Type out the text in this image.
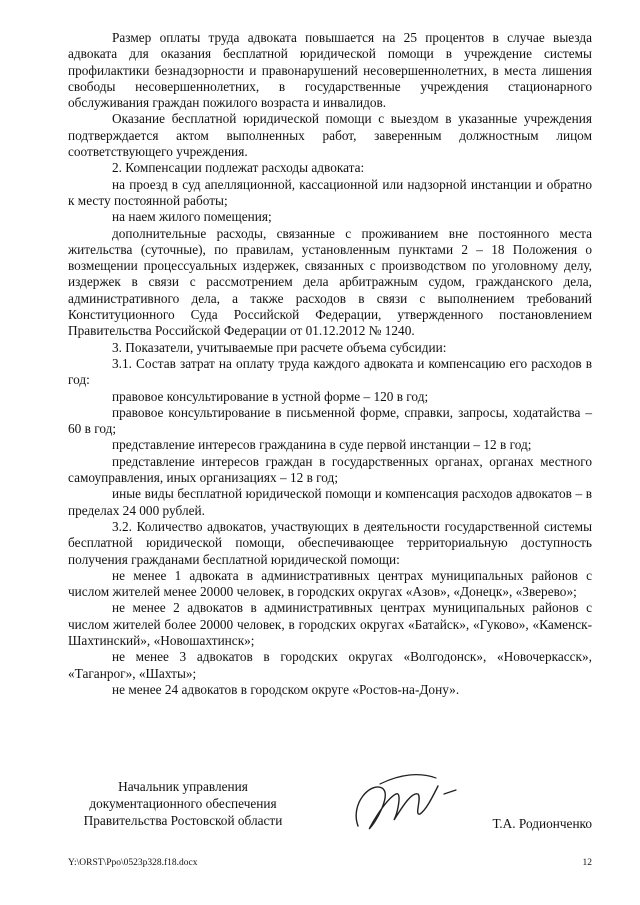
Размер оплаты труда адвоката повышается на 25 процентов в случае выезда адвоката для оказания бесплатной юридической помощи в учреждение системы профилактики безнадзорности и правонарушений несовершеннолетних, в места лишения свободы несовершеннолетних, в государственные учреждения стационарного обслуживания граждан пожилого возраста и инвалидов.

Оказание бесплатной юридической помощи с выездом в указанные учреждения подтверждается актом выполненных работ, заверенным должностным лицом соответствующего учреждения.

2. Компенсации подлежат расходы адвоката:

на проезд в суд апелляционной, кассационной или надзорной инстанции и обратно к месту постоянной работы;

на наем жилого помещения;

дополнительные расходы, связанные с проживанием вне постоянного места жительства (суточные), по правилам, установленным пунктами 2 – 18 Положения о возмещении процессуальных издержек, связанных с производством по уголовному делу, издержек в связи с рассмотрением дела арбитражным судом, гражданского дела, административного дела, а также расходов в связи с выполнением требований Конституционного Суда Российской Федерации, утвержденного постановлением Правительства Российской Федерации от 01.12.2012 № 1240.

3. Показатели, учитываемые при расчете объема субсидии:

3.1. Состав затрат на оплату труда каждого адвоката и компенсацию его расходов в год:

правовое консультирование в устной форме – 120 в год;

правовое консультирование в письменной форме, справки, запросы, ходатайства – 60 в год;

представление интересов гражданина в суде первой инстанции – 12 в год;

представление интересов граждан в государственных органах, органах местного самоуправления, иных организациях – 12 в год;

иные виды бесплатной юридической помощи и компенсация расходов адвокатов – в пределах 24 000 рублей.

3.2. Количество адвокатов, участвующих в деятельности государственной системы бесплатной юридической помощи, обеспечивающее территориальную доступность получения гражданами бесплатной юридической помощи:

не менее 1 адвоката в административных центрах муниципальных районов с числом жителей менее 20000 человек, в городских округах «Азов», «Донецк», «Зверево»;

не менее 2 адвокатов в административных центрах муниципальных районов с числом жителей более 20000 человек, в городских округах «Батайск», «Гуково», «Каменск-Шахтинский», «Новошахтинск»;

не менее 3 адвокатов в городских округах «Волгодонск», «Новочеркасск», «Таганрог», «Шахты»;

не менее 24 адвокатов в городском округе «Ростов-на-Дону».

Начальник управления
документационного обеспечения
Правительства Ростовской области	Т.А. Родионченко
Y:\ORST\Ppo\0523p328.f18.docx	12
